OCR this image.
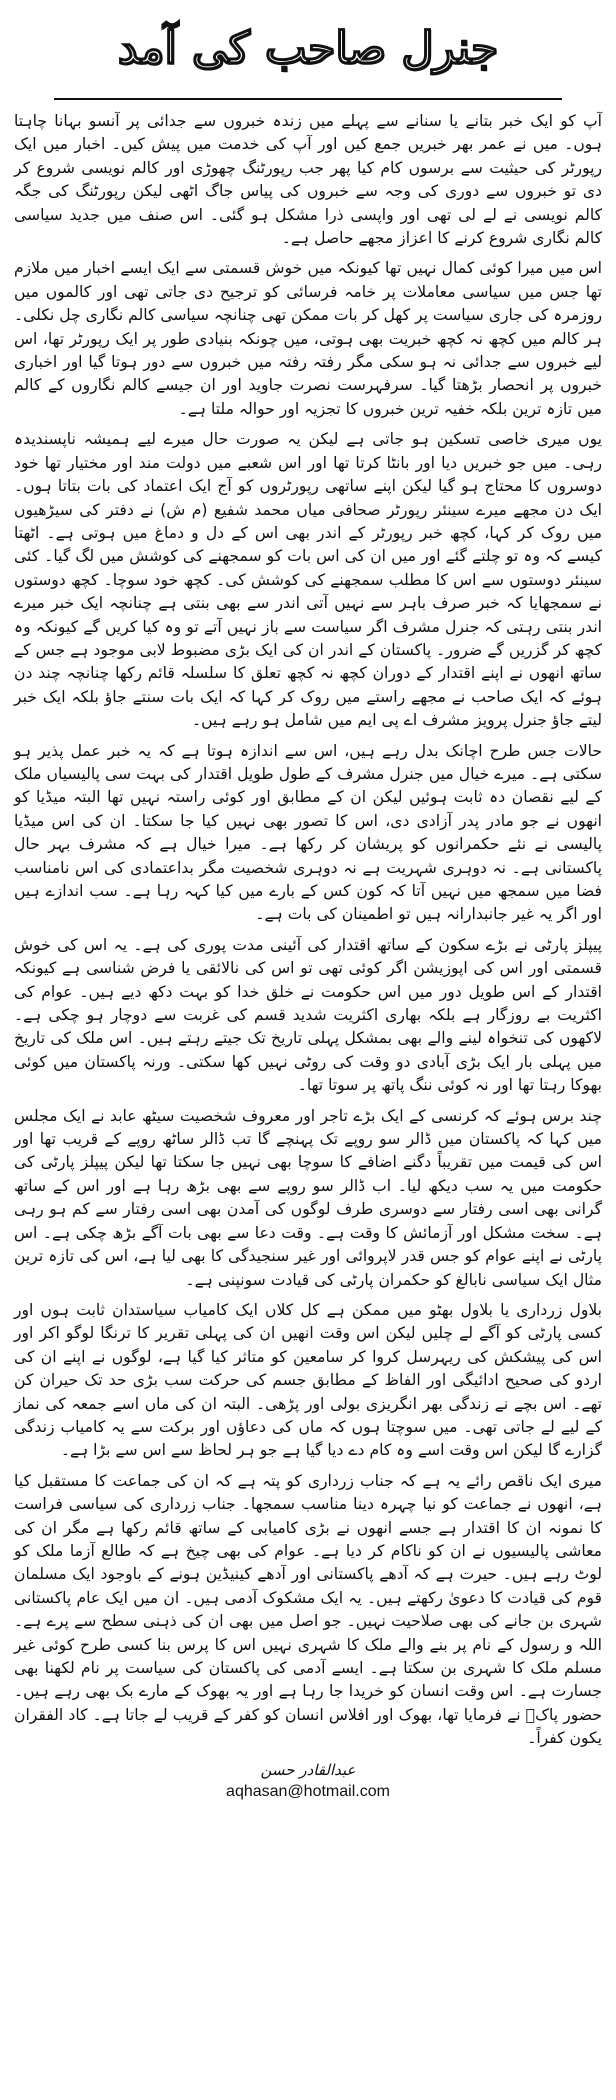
جنرل صاحب کی آمد

آپ کو ایک خبر بتانے یا سنانے سے پہلے میں زندہ خبروں سے جدائی پر آنسو بہانا چاہتا ہوں۔ میں نے عمر بھر خبریں جمع کیں اور آپ کی خدمت میں پیش کیں۔ اخبار میں ایک رپورٹر کی حیثیت سے برسوں کام کیا پھر جب رپورٹنگ چھوڑی اور کالم نویسی شروع کر دی تو خبروں سے دوری کی وجہ سے خبروں کی پیاس جاگ اٹھی لیکن رپورٹنگ کی جگہ کالم نویسی نے لے لی تھی اور واپسی ذرا مشکل ہو گئی۔ اس صنف میں جدید سیاسی کالم نگاری شروع کرنے کا اعزاز مجھے حاصل ہے۔

اس میں میرا کوئی کمال نہیں تھا کیونکہ میں خوش قسمتی سے ایک ایسے اخبار میں ملازم تھا جس میں سیاسی معاملات پر خامہ فرسائی کو ترجیح دی جاتی تھی اور کالموں میں روزمرہ کی جاری سیاست پر کھل کر بات ممکن تھی چنانچہ سیاسی کالم نگاری چل نکلی۔ ہر کالم میں کچھ نہ کچھ خبریت بھی ہوتی، میں چونکہ بنیادی طور پر ایک رپورٹر تھا، اس لیے خبروں سے جدائی نہ ہو سکی مگر رفتہ رفتہ میں خبروں سے دور ہوتا گیا اور اخباری خبروں پر انحصار بڑھتا گیا۔ سرفہرست نصرت جاوید اور ان جیسے کالم نگاروں کے کالم میں تازہ ترین بلکہ خفیہ ترین خبروں کا تجزیہ اور حوالہ ملتا ہے۔

یوں میری خاصی تسکین ہو جاتی ہے لیکن یہ صورت حال میرے لیے ہمیشہ ناپسندیدہ رہی۔ میں جو خبریں دیا اور بانٹا کرتا تھا اور اس شعبے میں دولت مند اور مختیار تھا خود دوسروں کا محتاج ہو گیا لیکن اپنے ساتھی رپورٹروں کو آج ایک اعتماد کی بات بتاتا ہوں۔ ایک دن مجھے میرے سینئر رپورٹر صحافی میاں محمد شفیع (م ش) نے دفتر کی سیڑھیوں میں روک کر کہا، کچھ خبر رپورٹر کے اندر بھی اس کے دل و دماغ میں ہوتی ہے۔ اٹھتا کیسے کہ وہ تو چلتے گئے اور میں ان کی اس بات کو سمجھنے کی کوشش میں لگ گیا۔ کئی سینئر دوستوں سے اس کا مطلب سمجھنے کی کوشش کی۔ کچھ خود سوچا۔ کچھ دوستوں نے سمجھایا کہ خبر صرف باہر سے نہیں آتی اندر سے بھی بنتی ہے چنانچہ ایک خبر میرے اندر بنتی رہتی کہ جنرل مشرف اگر سیاست سے باز نہیں آتے تو وہ کیا کریں گے کیونکہ وہ کچھ کر گزریں گے ضرور۔ پاکستان کے اندر ان کی ایک بڑی مضبوط لابی موجود ہے جس کے ساتھ انھوں نے اپنے اقتدار کے دوران کچھ نہ کچھ تعلق کا سلسلہ قائم رکھا چنانچہ چند دن ہوئے کہ ایک صاحب نے مجھے راستے میں روک کر کہا کہ ایک بات سنتے جاؤ بلکہ ایک خبر لیتے جاؤ جنرل پرویز مشرف اے پی ایم میں شامل ہو رہے ہیں۔

حالات جس طرح اچانک بدل رہے ہیں، اس سے اندازہ ہوتا ہے کہ یہ خبر عمل پذیر ہو سکتی ہے۔ میرے خیال میں جنرل مشرف کے طول طویل اقتدار کی بہت سی پالیسیاں ملک کے لیے نقصان دہ ثابت ہوئیں لیکن ان کے مطابق اور کوئی راستہ نہیں تھا البتہ میڈیا کو انھوں نے جو مادر پدر آزادی دی، اس کا تصور بھی نہیں کیا جا سکتا۔ ان کی اس میڈیا پالیسی نے نئے حکمرانوں کو پریشان کر رکھا ہے۔ میرا خیال ہے کہ مشرف بہر حال پاکستانی ہے۔ نہ دوہری شہریت ہے نہ دوہری شخصیت مگر بداعتمادی کی اس نامناسب فضا میں سمجھ میں نہیں آتا کہ کون کس کے بارے میں کیا کہہ رہا ہے۔ سب اندازے ہیں اور اگر یہ غیر جانبدارانہ ہیں تو اطمینان کی بات ہے۔

پیپلز پارٹی نے بڑے سکون کے ساتھ اقتدار کی آئینی مدت پوری کی ہے۔ یہ اس کی خوش قسمتی اور اس کی اپوزیشن اگر کوئی تھی تو اس کی نالائقی یا فرض شناسی ہے کیونکہ اقتدار کے اس طویل دور میں اس حکومت نے خلق خدا کو بہت دکھ دیے ہیں۔ عوام کی اکثریت بے روزگار ہے بلکہ بھاری اکثریت شدید قسم کی غربت سے دوچار ہو چکی ہے۔ لاکھوں کی تنخواہ لینے والے بھی بمشکل پہلی تاریخ تک جیتے رہتے ہیں۔ اس ملک کی تاریخ میں پہلی بار ایک بڑی آبادی دو وقت کی روٹی نہیں کھا سکتی۔ ورنہ پاکستان میں کوئی بھوکا رہتا تھا اور نہ کوئی ننگ پاتھ پر سوتا تھا۔

چند برس ہوئے کہ کرنسی کے ایک بڑے تاجر اور معروف شخصیت سیٹھ عابد نے ایک مجلس میں کہا کہ پاکستان میں ڈالر سو روپے تک پہنچے گا تب ڈالر ساٹھ روپے کے قریب تھا اور اس کی قیمت میں تقریباً دگنے اضافے کا سوچا بھی نہیں جا سکتا تھا لیکن پیپلز پارٹی کی حکومت میں یہ سب دیکھ لیا۔ اب ڈالر سو روپے سے بھی بڑھ رہا ہے اور اس کے ساتھ گرانی بھی اسی رفتار سے دوسری طرف لوگوں کی آمدن بھی اسی رفتار سے کم ہو رہی ہے۔ سخت مشکل اور آزمائش کا وقت ہے۔ وقت دعا سے بھی بات آگے بڑھ چکی ہے۔ اس پارٹی نے اپنے عوام کو جس قدر لاپروائی اور غیر سنجیدگی کا بھی لیا ہے، اس کی تازہ ترین مثال ایک سیاسی نابالغ کو حکمران پارٹی کی قیادت سونپنی ہے۔

بلاول زرداری یا بلاول بھٹو میں ممکن ہے کل کلاں ایک کامیاب سیاستدان ثابت ہوں اور کسی پارٹی کو آگے لے چلیں لیکن اس وقت انھیں ان کی پہلی تقریر کا ترنگا لوگو اکر اور اس کی پیشکش کی ریہرسل کروا کر سامعین کو متاثر کیا گیا ہے، لوگوں نے اپنے ان کی اردو کی صحیح ادائیگی اور الفاظ کے مطابق جسم کی حرکت سب بڑی حد تک حیران کن تھے۔ اس بچے نے زندگی بھر انگریزی بولی اور پڑھی۔ البتہ ان کی ماں اسے جمعہ کی نماز کے لیے لے جاتی تھی۔ میں سوچتا ہوں کہ ماں کی دعاؤں اور برکت سے یہ کامیاب زندگی گزارے گا لیکن اس وقت اسے وہ کام دے دیا گیا ہے جو ہر لحاظ سے اس سے بڑا ہے۔

میری ایک ناقص رائے یہ ہے کہ جناب زرداری کو پتہ ہے کہ ان کی جماعت کا مستقبل کیا ہے، انھوں نے جماعت کو نیا چہرہ دینا مناسب سمجھا۔ جناب زرداری کی سیاسی فراست کا نمونہ ان کا اقتدار ہے جسے انھوں نے بڑی کامیابی کے ساتھ قائم رکھا ہے مگر ان کی معاشی پالیسیوں نے ان کو ناکام کر دیا ہے۔ عوام کی بھی چیخ ہے کہ طالع آزما ملک کو لوٹ رہے ہیں۔ حیرت ہے کہ آدھے پاکستانی اور آدھے کینیڈین ہونے کے باوجود ایک مسلمان قوم کی قیادت کا دعویٰ رکھتے ہیں۔ یہ ایک مشکوک آدمی ہیں۔ ان میں ایک عام پاکستانی شہری بن جانے کی بھی صلاحیت نہیں۔ جو اصل میں بھی ان کی ذہنی سطح سے پرے ہے۔ اللہ و رسول کے نام پر بنے والے ملک کا شہری نہیں اس کا پرس بنا کسی طرح کوئی غیر مسلم ملک کا شہری بن سکتا ہے۔ ایسے آدمی کی پاکستان کی سیاست پر نام لکھنا بھی جسارت ہے۔ اس وقت انسان کو خریدا جا رہا ہے اور یہ بھوک کے مارے بک بھی رہے ہیں۔ حضور پاکؐ نے فرمایا تھا، بھوک اور افلاس انسان کو کفر کے قریب لے جاتا ہے۔ کاد الفقران یکون کفراً۔

عبدالقادر حسن
aqhasan@hotmail.com
